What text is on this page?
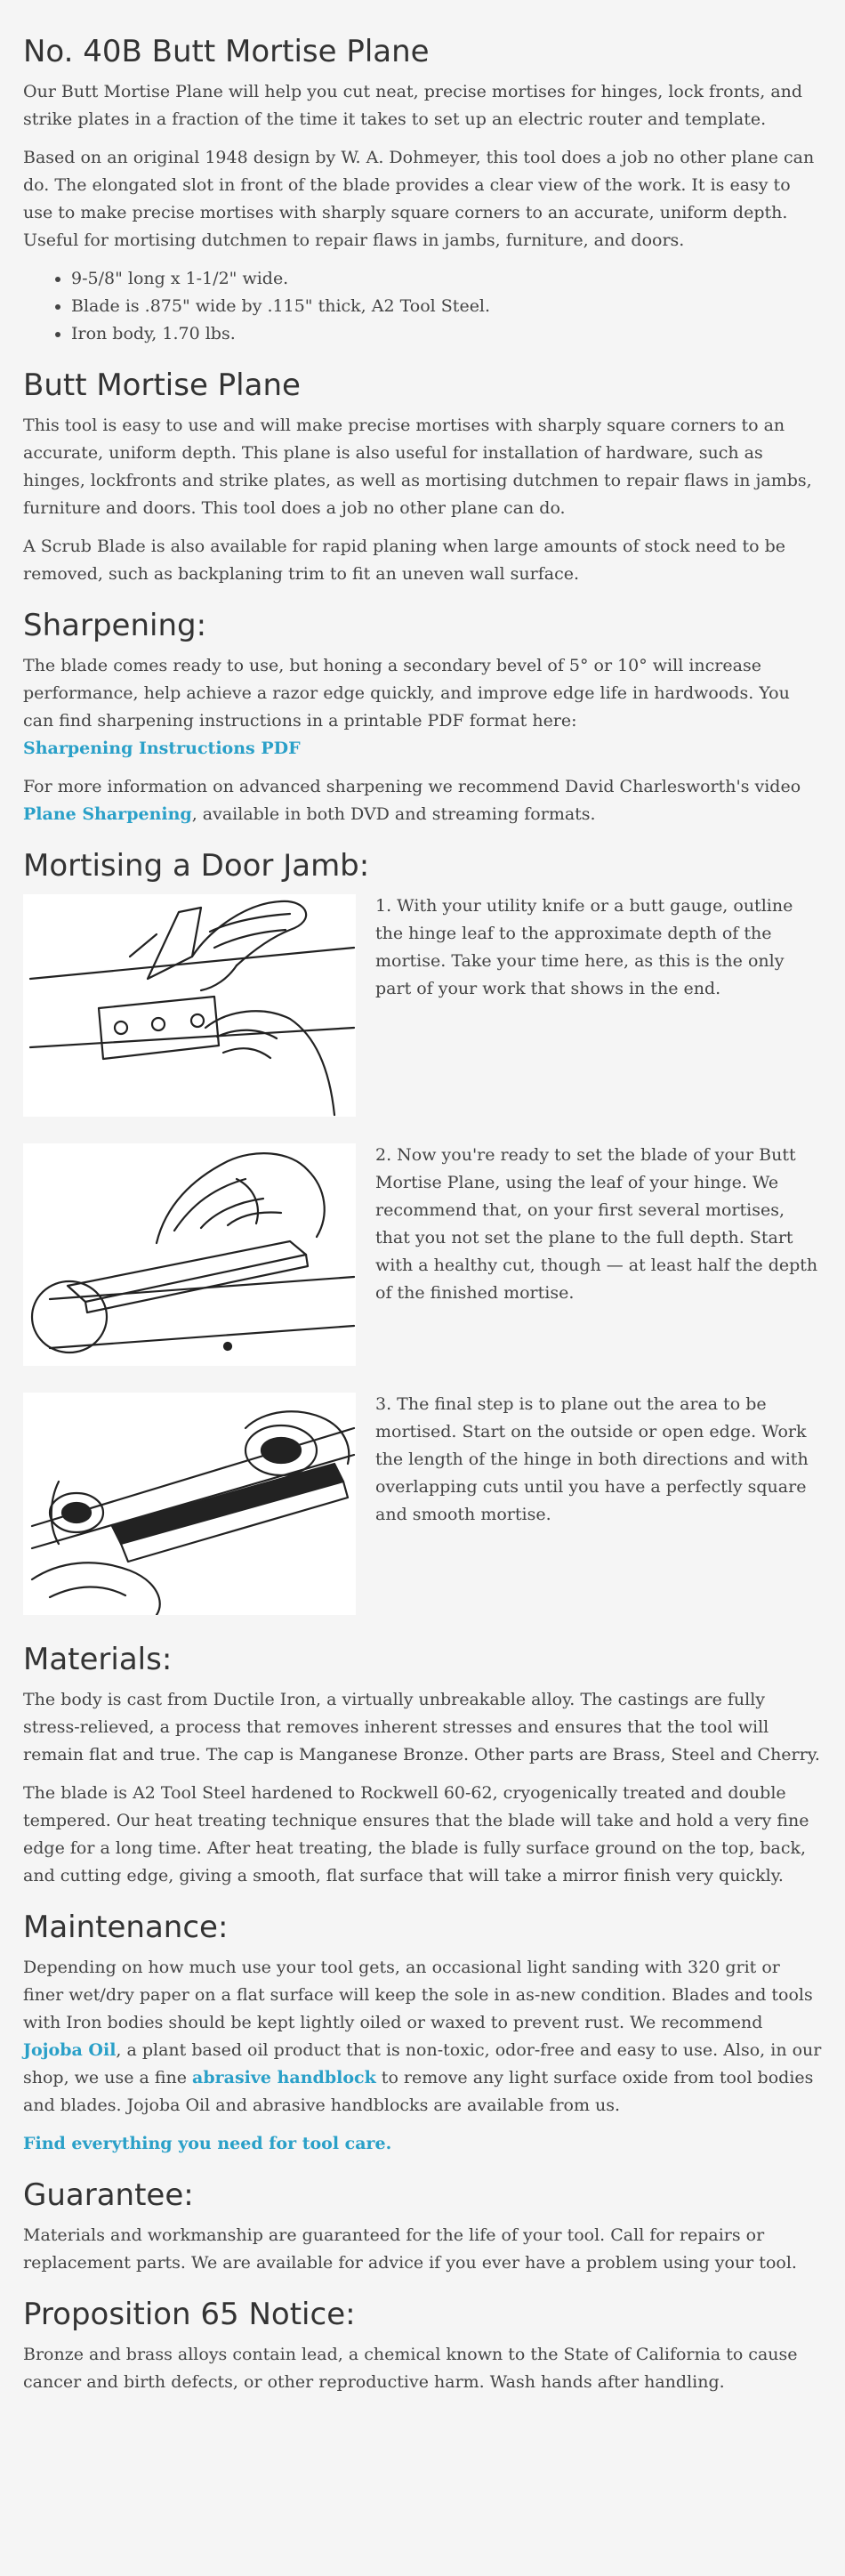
No. 40B Butt Mortise Plane

Our Butt Mortise Plane will help you cut neat, precise mortises for hinges, lock fronts, and strike plates in a fraction of the time it takes to set up an electric router and template.

Based on an original 1948 design by W. A. Dohmeyer, this tool does a job no other plane can do. The elongated slot in front of the blade provides a clear view of the work. It is easy to use to make precise mortises with sharply square corners to an accurate, uniform depth. Useful for mortising dutchmen to repair flaws in jambs, furniture, and doors.

• 9-5/8" long x 1-1/2" wide.
• Blade is .875" wide by .115" thick, A2 Tool Steel.
• Iron body, 1.70 lbs.
Butt Mortise Plane

This tool is easy to use and will make precise mortises with sharply square corners to an accurate, uniform depth. This plane is also useful for installation of hardware, such as hinges, lockfronts and strike plates, as well as mortising dutchmen to repair flaws in jambs, furniture and doors. This tool does a job no other plane can do.

A Scrub Blade is also available for rapid planing when large amounts of stock need to be removed, such as backplaning trim to fit an uneven wall surface.

Sharpening:

The blade comes ready to use, but honing a secondary bevel of 5° or 10° will increase performance, help achieve a razor edge quickly, and improve edge life in hardwoods. You can find sharpening instructions in a printable PDF format here:
Sharpening Instructions PDF

For more information on advanced sharpening we recommend David Charlesworth's video Plane Sharpening, available in both DVD and streaming formats.

Mortising a Door Jamb:
1. With your utility knife or a butt gauge, outline the hinge leaf to the approximate depth of the mortise. Take your time here, as this is the only part of your work that shows in the end.
2. Now you're ready to set the blade of your Butt Mortise Plane, using the leaf of your hinge. We recommend that, on your first several mortises, that you not set the plane to the full depth. Start with a healthy cut, though — at least half the depth of the finished mortise.
3. The final step is to plane out the area to be mortised. Start on the outside or open edge. Work the length of the hinge in both directions and with overlapping cuts until you have a perfectly square and smooth mortise.
Materials:

The body is cast from Ductile Iron, a virtually unbreakable alloy. The castings are fully stress-relieved, a process that removes inherent stresses and ensures that the tool will remain flat and true. The cap is Manganese Bronze. Other parts are Brass, Steel and Cherry.

The blade is A2 Tool Steel hardened to Rockwell 60-62, cryogenically treated and double tempered. Our heat treating technique ensures that the blade will take and hold a very fine edge for a long time. After heat treating, the blade is fully surface ground on the top, back, and cutting edge, giving a smooth, flat surface that will take a mirror finish very quickly.

Maintenance:

Depending on how much use your tool gets, an occasional light sanding with 320 grit or finer wet/dry paper on a flat surface will keep the sole in as-new condition. Blades and tools with Iron bodies should be kept lightly oiled or waxed to prevent rust. We recommend Jojoba Oil, a plant based oil product that is non-toxic, odor-free and easy to use. Also, in our shop, we use a fine abrasive handblock to remove any light surface oxide from tool bodies and blades. Jojoba Oil and abrasive handblocks are available from us.

Find everything you need for tool care.

Guarantee:

Materials and workmanship are guaranteed for the life of your tool. Call for repairs or replacement parts. We are available for advice if you ever have a problem using your tool.

Proposition 65 Notice:

Bronze and brass alloys contain lead, a chemical known to the State of California to cause cancer and birth defects, or other reproductive harm. Wash hands after handling.
